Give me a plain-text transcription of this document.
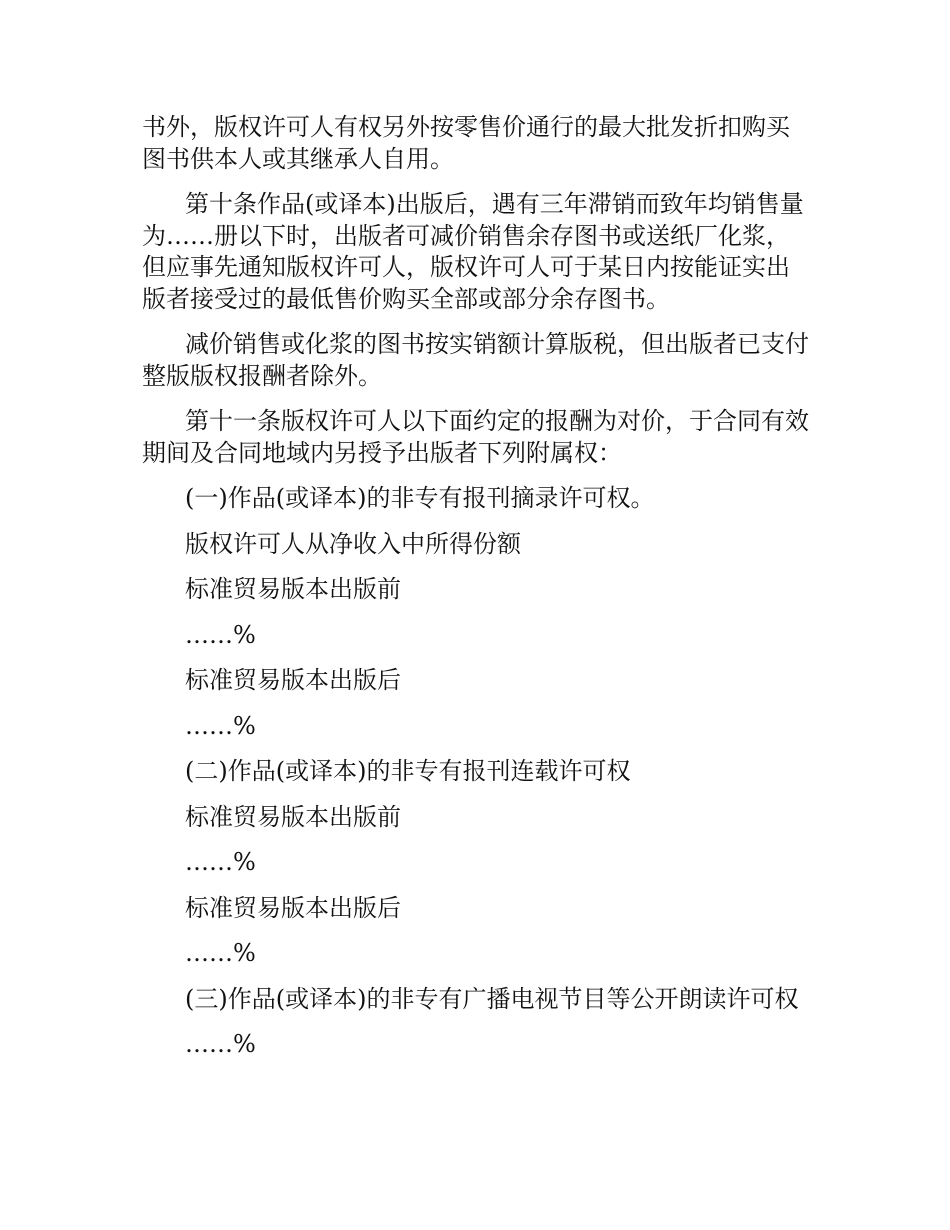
书外，版权许可人有权另外按零售价通行的最大批发折扣购买图书供本人或其继承人自用。

第十条作品(或译本)出版后，遇有三年滞销而致年均销售量为……册以下时，出版者可减价销售余存图书或送纸厂化浆，但应事先通知版权许可人，版权许可人可于某日内按能证实出版者接受过的最低售价购买全部或部分余存图书。

减价销售或化浆的图书按实销额计算版税，但出版者已支付整版版权报酬者除外。

第十一条版权许可人以下面约定的报酬为对价，于合同有效期间及合同地域内另授予出版者下列附属权：

(一)作品(或译本)的非专有报刊摘录许可权。

版权许可人从净收入中所得份额

标准贸易版本出版前

……%

标准贸易版本出版后

……%

(二)作品(或译本)的非专有报刊连载许可权

标准贸易版本出版前

……%

标准贸易版本出版后

……%

(三)作品(或译本)的非专有广播电视节目等公开朗读许可权

……%
